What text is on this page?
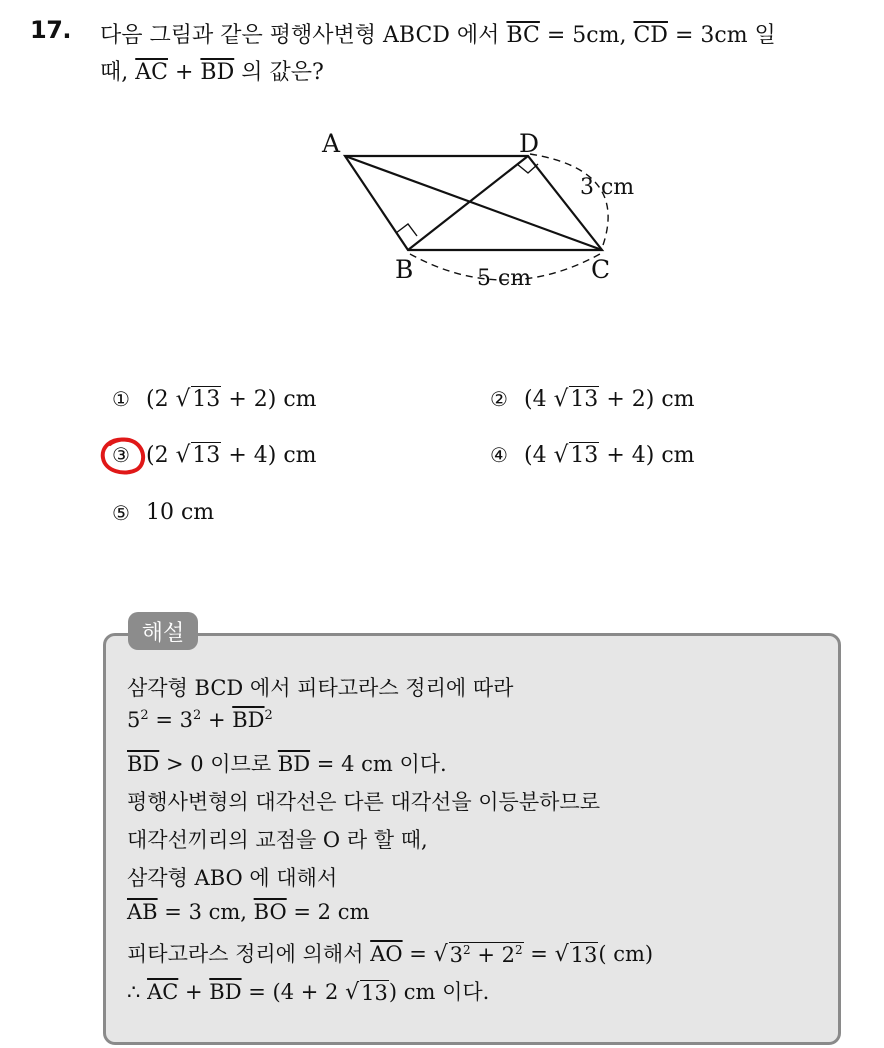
17. 다음 그림과 같은 평행사변형 ABCD 에서 $\overline{BC} = 5cm$, $\overline{CD} = 3cm$ 일
때, $\overline{AC} + \overline{BD}$ 의 값은?
A
B	C
D
3 cm
5 cm
① (2
√ 13
+ 2) cm	② (4
√ 13
+ 2) cm
③ (2
√ 13
+ 4) cm	④ (4
√ 13
+ 4) cm
⑤ 10 cm
해설
삼각형 BCD 에서 피타고라스 정리에 따라
$5^2 = 3^2 + \overline{BD}^2$
$\overline{BD} > 0$ 이므로 $\overline{BD} = 4$ cm 이다.
평행사변형의 대각선은 다른 대각선을 이등분하므로
대각선끼리의 교점을 O 라 할 때,
삼각형 ABO 에 대해서
$\overline{AB} = 3$ cm, $\overline{BO} = 2$ cm
피타고라스 정리에 의해서 $\overline{AO}$ = √ $3^2 + 2^2$ = √ 13 ( cm)
∴ $\overline{AC} + \overline{BD} = (4 + 2$ √ 13 ) cm 이다.
